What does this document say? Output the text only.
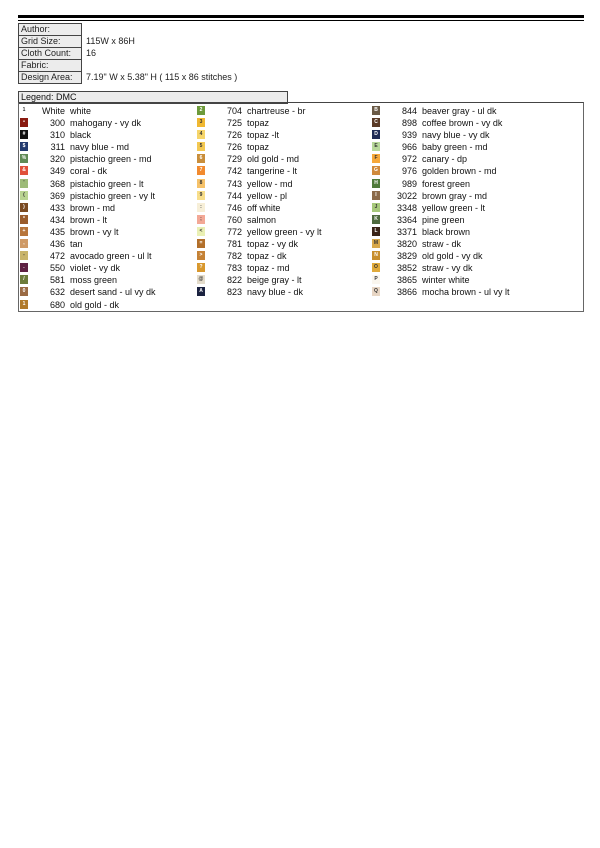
Author:
Grid Size:	115W x 86H
Cloth Count:	16
Fabric:
Design Area:	7.19" W x 5.38" H ( 115 x 86 stitches )
Legend: DMC
1	White white
•	300 mahogany - vy dk
#	310 black
$	311 navy blue - md
%	320 pistachio green - md
&	349 coral - dk
'	368 pistachio green - lt
(	369 pistachio green - vy lt
)	433 brown - md
*	434 brown - lt
+	435 brown - vy lt
,	436 tan
-	472 avocado green - ul lt
.	550 violet - vy dk
/	581 moss green
0	632 desert sand - ul vy dk
1	680 old gold - dk
2	704 chartreuse - br
3	725 topaz
4	726 topaz -lt
5	726 topaz
6	729 old gold - md
7	742 tangerine - lt
8	743 yellow - md
9	744 yellow - pl
:	746 off white
;	760 salmon
<	772 yellow green - vy lt
=	781 topaz - vy dk
>	782 topaz - dk
?	783 topaz - md
@	822 beige gray - lt
A	823 navy blue - dk
B	844 beaver gray - ul dk
C	898 coffee brown - vy dk
D	939 navy blue - vy dk
E	966 baby green - md
F	972 canary - dp
G	976 golden brown - md
H	989 forest green
I	3022 brown gray - md
J	3348 yellow green - lt
K	3364 pine green
L	3371 black brown
M	3820 straw - dk
N	3829 old gold - vy dk
O	3852 straw - vy dk
P	3865 winter white
Q	3866 mocha brown - ul vy lt
